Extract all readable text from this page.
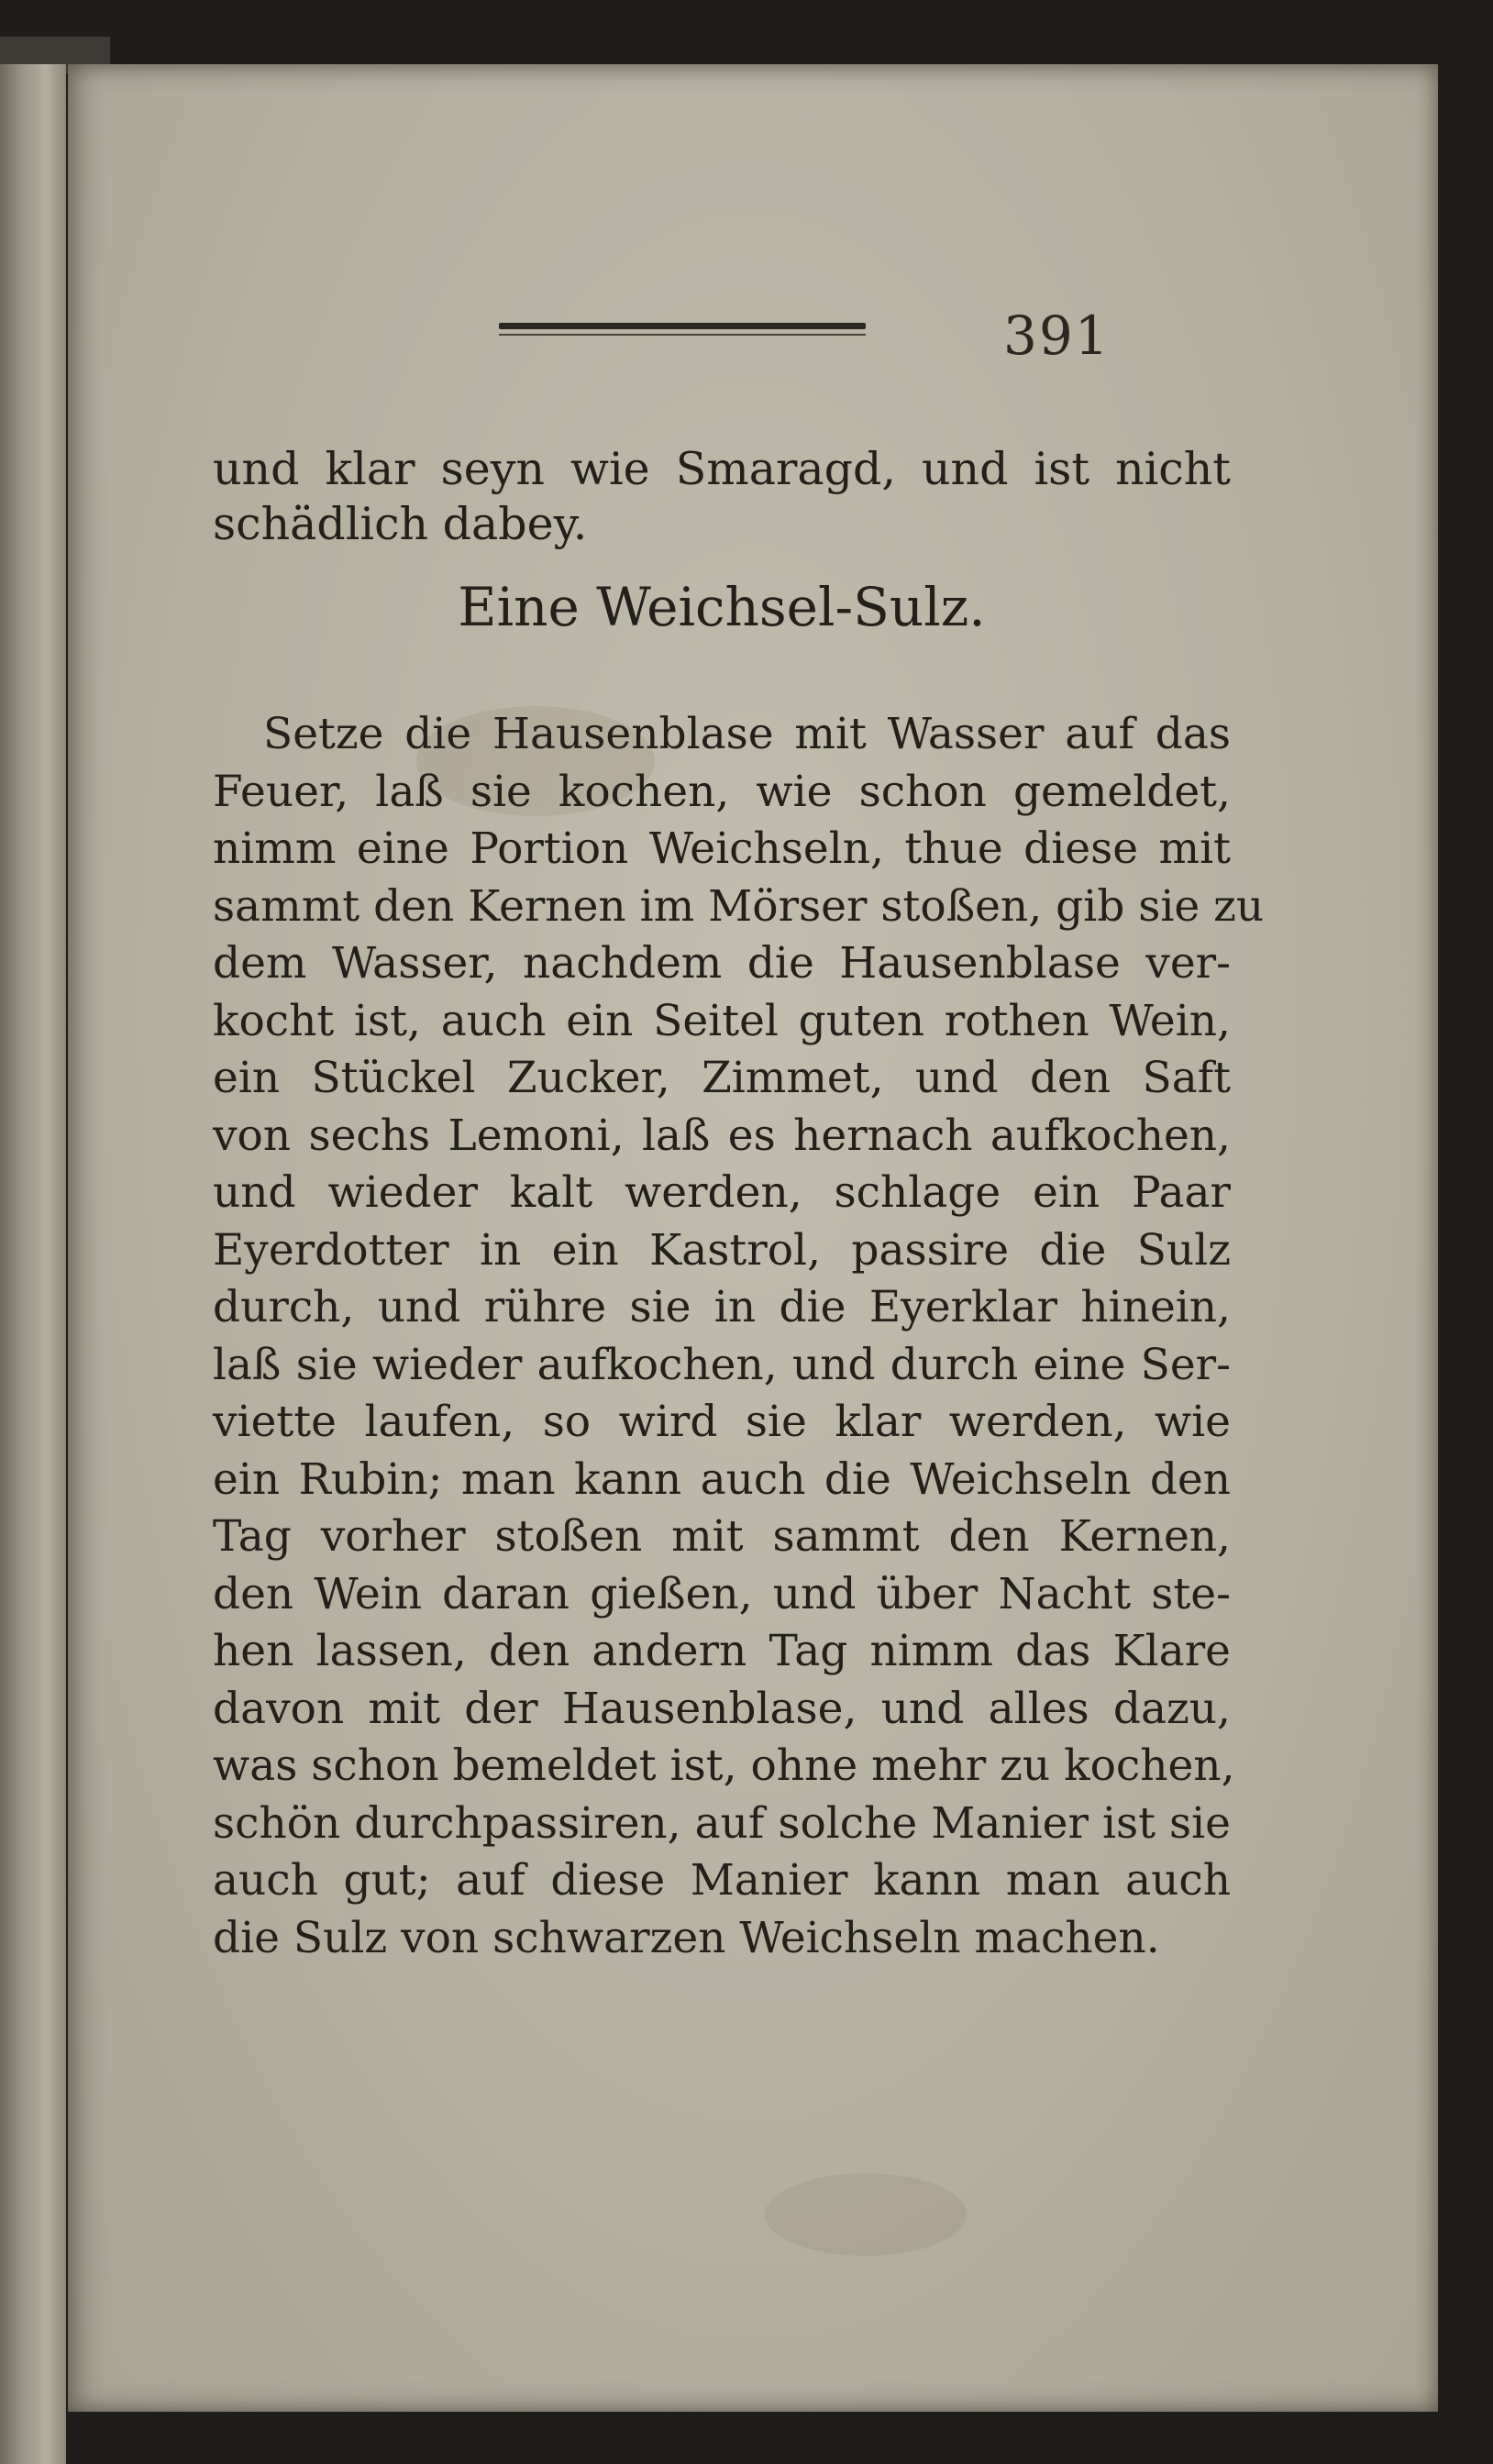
391
und klar seyn wie Smaragd, und ist nicht
schädlich dabey.
Eine Weichsel-Sulz.
Setze die Hausenblase mit Wasser auf das
Feuer, laß sie kochen, wie schon gemeldet,
nimm eine Portion Weichseln, thue diese mit
sammt den Kernen im Mörser stoßen, gib sie zu
dem Wasser, nachdem die Hausenblase ver-
kocht ist, auch ein Seitel guten rothen Wein,
ein Stückel Zucker, Zimmet, und den Saft
von sechs Lemoni, laß es hernach aufkochen,
und wieder kalt werden, schlage ein Paar
Eyerdotter in ein Kastrol, passire die Sulz
durch, und rühre sie in die Eyerklar hinein,
laß sie wieder aufkochen, und durch eine Ser-
viette laufen, so wird sie klar werden, wie
ein Rubin; man kann auch die Weichseln den
Tag vorher stoßen mit sammt den Kernen,
den Wein daran gießen, und über Nacht ste-
hen lassen, den andern Tag nimm das Klare
davon mit der Hausenblase, und alles dazu,
was schon bemeldet ist, ohne mehr zu kochen,
schön durchpassiren, auf solche Manier ist sie
auch gut; auf diese Manier kann man auch
die Sulz von schwarzen Weichseln machen.
